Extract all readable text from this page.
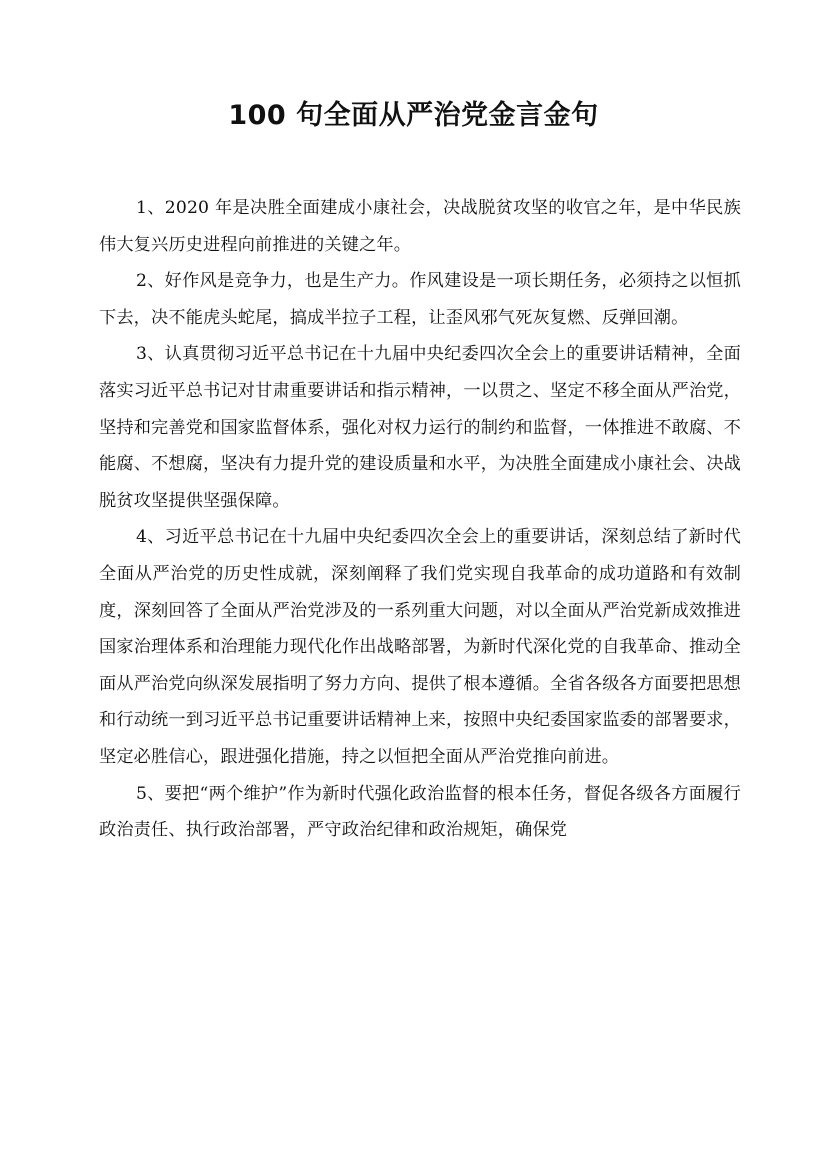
100 句全面从严治党金言金句

1、2020 年是决胜全面建成小康社会，决战脱贫攻坚的收官之年，是中华民族伟大复兴历史进程向前推进的关键之年。

2、好作风是竞争力，也是生产力。作风建设是一项长期任务，必须持之以恒抓下去，决不能虎头蛇尾，搞成半拉子工程，让歪风邪气死灰复燃、反弹回潮。

3、认真贯彻习近平总书记在十九届中央纪委四次全会上的重要讲话精神，全面落实习近平总书记对甘肃重要讲话和指示精神，一以贯之、坚定不移全面从严治党，坚持和完善党和国家监督体系，强化对权力运行的制约和监督，一体推进不敢腐、不能腐、不想腐，坚决有力提升党的建设质量和水平，为决胜全面建成小康社会、决战脱贫攻坚提供坚强保障。

4、习近平总书记在十九届中央纪委四次全会上的重要讲话，深刻总结了新时代全面从严治党的历史性成就，深刻阐释了我们党实现自我革命的成功道路和有效制度，深刻回答了全面从严治党涉及的一系列重大问题，对以全面从严治党新成效推进国家治理体系和治理能力现代化作出战略部署，为新时代深化党的自我革命、推动全面从严治党向纵深发展指明了努力方向、提供了根本遵循。全省各级各方面要把思想和行动统一到习近平总书记重要讲话精神上来，按照中央纪委国家监委的部署要求，坚定必胜信心，跟进强化措施，持之以恒把全面从严治党推向前进。

5、要把“两个维护”作为新时代强化政治监督的根本任务，督促各级各方面履行政治责任、执行政治部署，严守政治纪律和政治规矩，确保党
